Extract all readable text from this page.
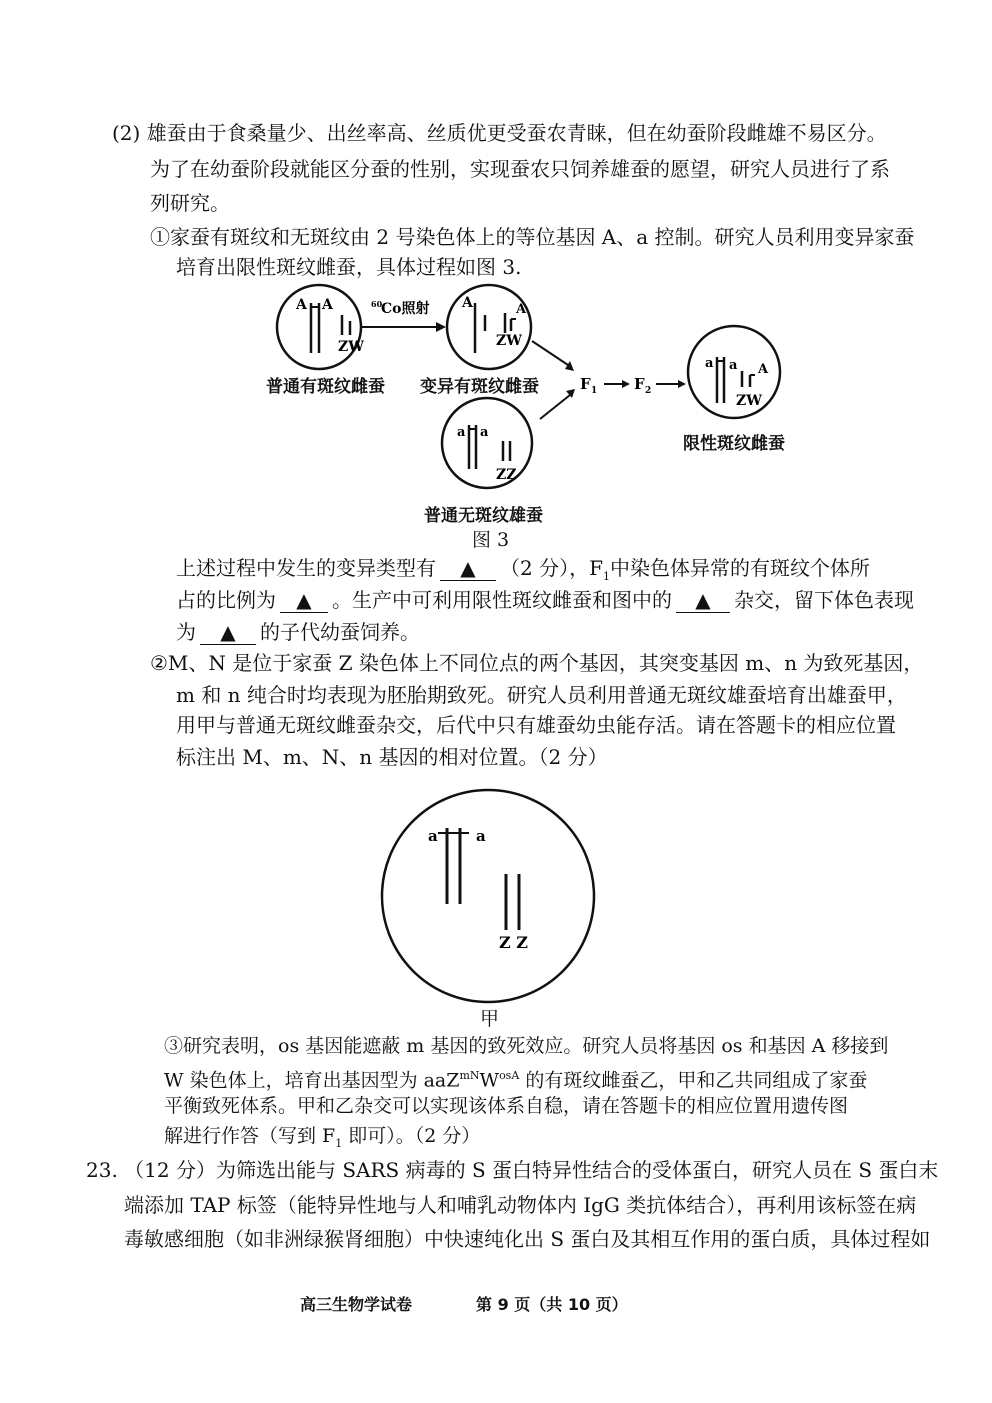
(2) 雄蚕由于食桑量少、出丝率高、丝质优更受蚕农青睐，但在幼蚕阶段雌雄不易区分。
为了在幼蚕阶段就能区分蚕的性别，实现蚕农只饲养雄蚕的愿望，研究人员进行了系
列研究。
①家蚕有斑纹和无斑纹由 2 号染色体上的等位基因 A、a 控制。研究人员利用变异家蚕
培育出限性斑纹雌蚕，具体过程如图 3.
A A
ZW
60
Co照射 A	A
ZW
F 1 F 2
a a A
ZW
a a
ZZ
普通有斑纹雌蚕 变异有斑纹雌蚕
限性斑纹雌蚕
普通无斑纹雄蚕
图 3
上述过程中发生的变异类型有 ▲ （2 分），$F_1$中染色体异常的有斑纹个体所
占的比例为 ▲ 。生产中可利用限性斑纹雌蚕和图中的 ▲ 杂交，留下体色表现
为 ▲ 的子代幼蚕饲养。
②M、N 是位于家蚕 Z 染色体上不同位点的两个基因，其突变基因 m、n 为致死基因，
m 和 n 纯合时均表现为胚胎期致死。研究人员利用普通无斑纹雄蚕培育出雄蚕甲，
用甲与普通无斑纹雌蚕杂交，后代中只有雄蚕幼虫能存活。请在答题卡的相应位置
标注出 M、m、N、n 基因的相对位置。（2 分）
a	a
Z Z
甲
③研究表明，os 基因能遮蔽 m 基因的致死效应。研究人员将基因 os 和基因 A 移接到
W 染色体上，培育出基因型为 $aaZ^{mN}W^{osA}$ 的有斑纹雌蚕乙，甲和乙共同组成了家蚕
平衡致死体系。甲和乙杂交可以实现该体系自稳，请在答题卡的相应位置用遗传图
解进行作答（写到 $F_1$ 即可）。（2 分）
23. （12 分）为筛选出能与 SARS 病毒的 S 蛋白特异性结合的受体蛋白，研究人员在 S 蛋白末
端添加 TAP 标签（能特异性地与人和哺乳动物体内 IgG 类抗体结合），再利用该标签在病
毒敏感细胞（如非洲绿猴肾细胞）中快速纯化出 S 蛋白及其相互作用的蛋白质，具体过程如
高三生物学试卷	第 9 页（共 10 页）
